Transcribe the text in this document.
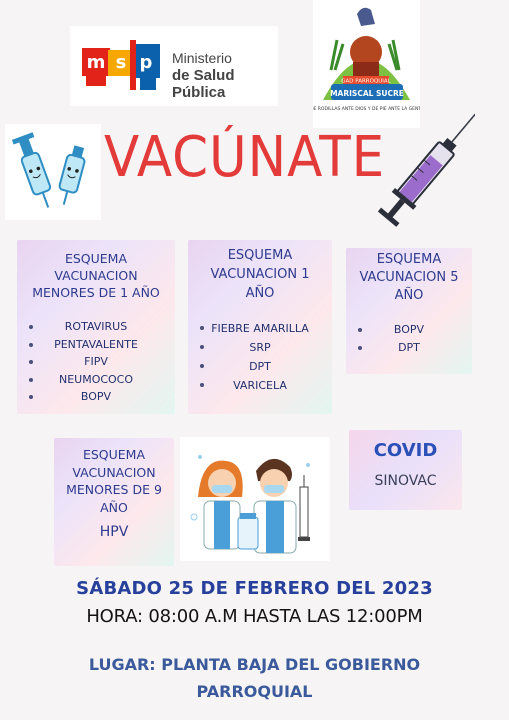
m s p Ministerio
de Salud Pública	MARISCAL SUCRE
GAD PARROQUIAL
DE RODILLAS ANTE DIOS Y DE PIE ANTE LA GENTE
VACÚNATE
ESQUEMA
VACUNACION
MENORES DE 1 AÑO
ROTAVIRUS
PENTAVALENTE
FIPV
NEUMOCOCO
BOPV
ESQUEMA
VACUNACION 1
AÑO
FIEBRE AMARILLA
SRP
DPT
VARICELA
ESQUEMA
VACUNACION 5
AÑO
BOPV
DPT
ESQUEMA
VACUNACION
MENORES DE 9
AÑO
HPV
COVID
SINOVAC
SÁBADO 25 DE FEBRERO DEL 2023
HORA: 08:00 A.M HASTA LAS 12:00PM
LUGAR: PLANTA BAJA DEL GOBIERNO
PARROQUIAL
